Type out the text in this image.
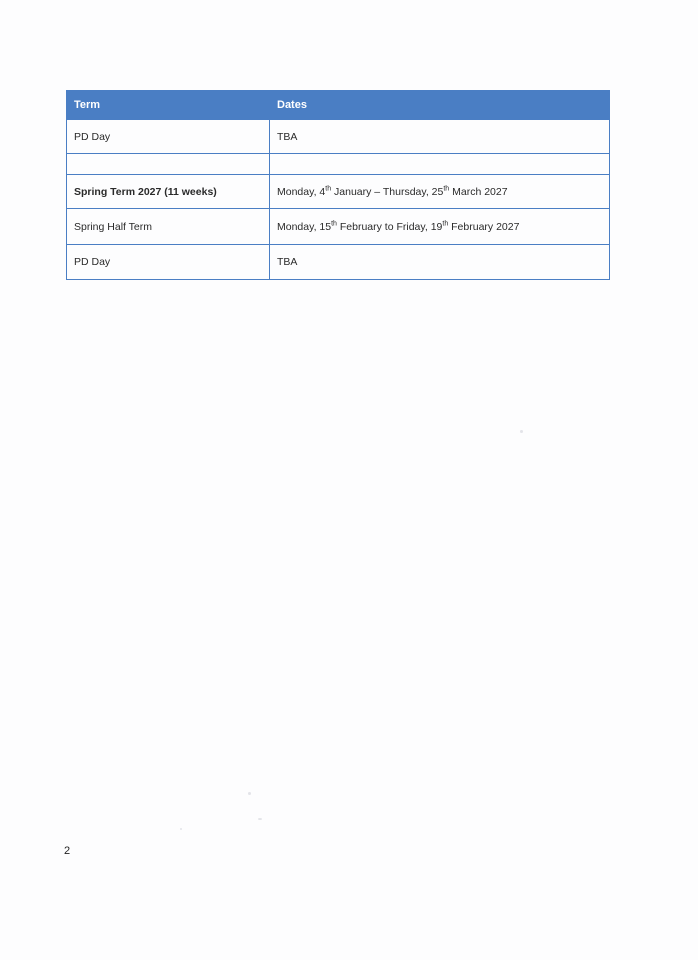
Term	Dates
PD Day	TBA

Spring Term 2027 (11 weeks)	Monday, 4th January – Thursday, 25th March 2027
Spring Half Term	Monday, 15th February to Friday, 19th February 2027
PD Day	TBA
2
